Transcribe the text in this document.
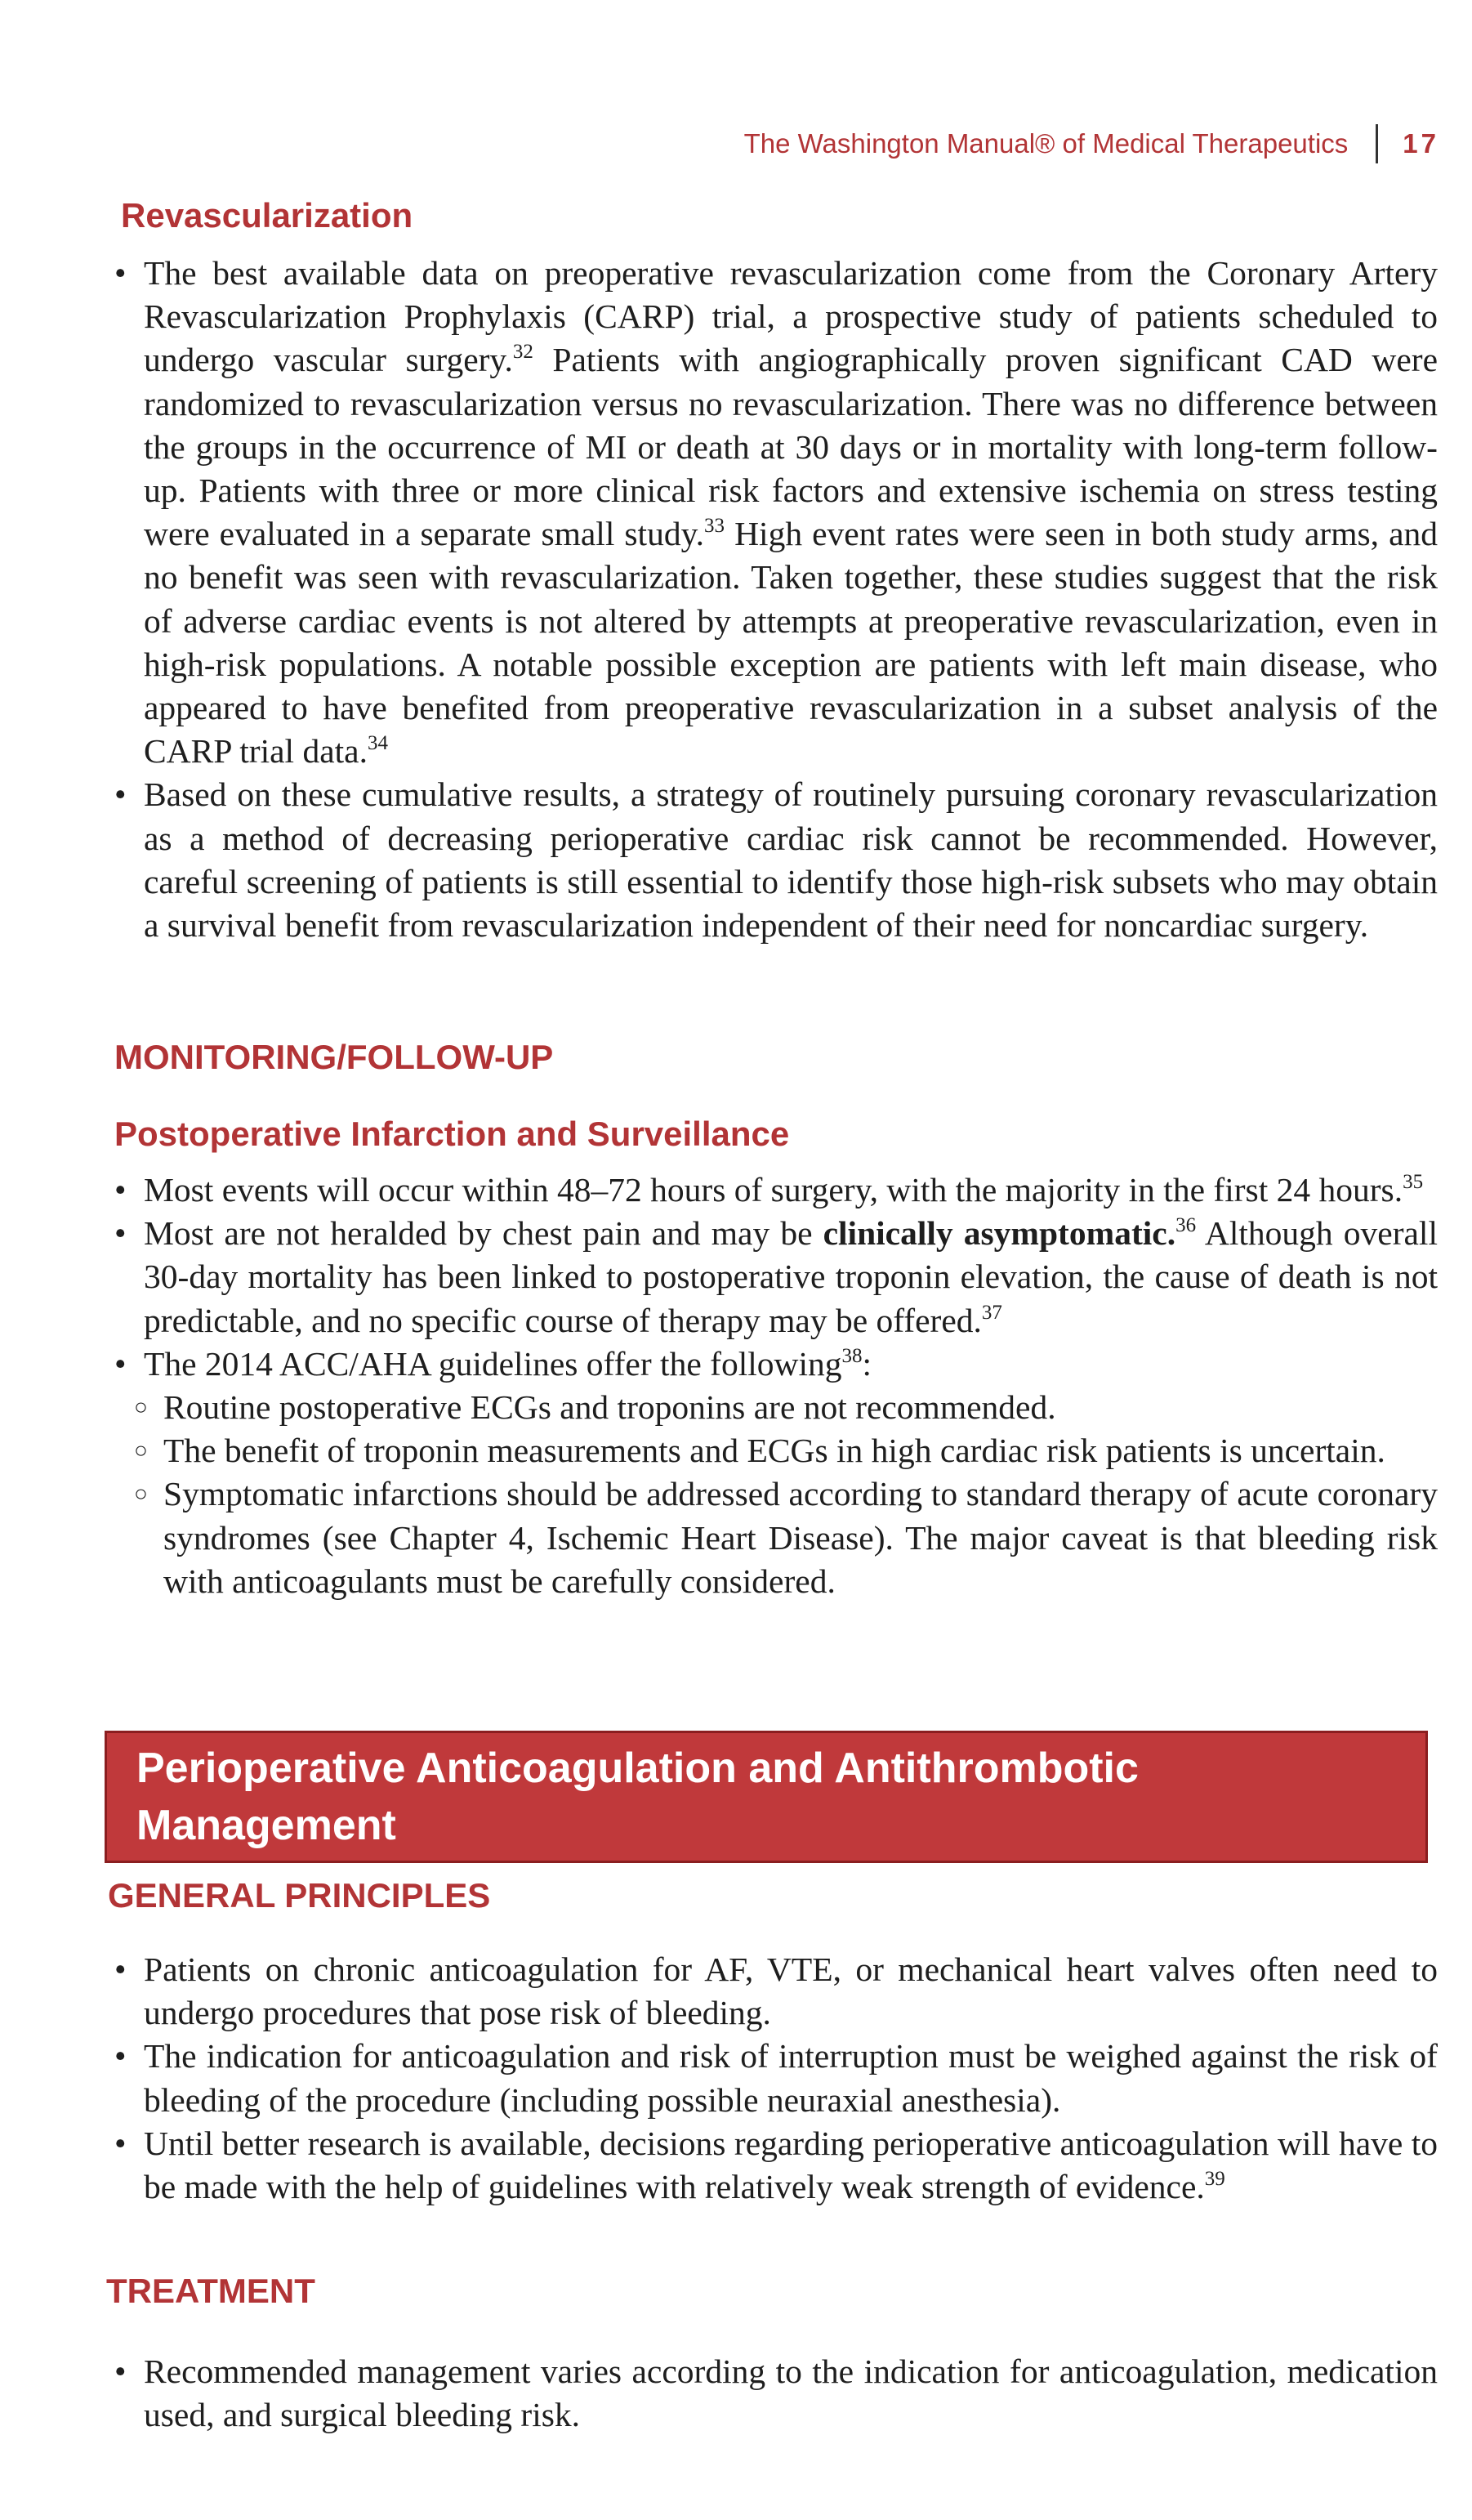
The Washington Manual® of Medical Therapeutics 17
Revascularization

• The best available data on preoperative revascularization come from the Coronary Artery Revascularization Prophylaxis (CARP) trial, a prospective study of patients scheduled to undergo vascular surgery.$^{32}$ Patients with angiographically proven significant CAD were randomized to revascularization versus no revascularization. There was no difference between the groups in the occurrence of MI or death at 30 days or in mortality with long-term follow-up. Patients with three or more clinical risk factors and extensive ischemia on stress testing were evaluated in a separate small study.$^{33}$ High event rates were seen in both study arms, and no benefit was seen with revascularization. Taken together, these studies suggest that the risk of adverse cardiac events is not altered by attempts at preoperative revascularization, even in high-risk populations. A notable possible exception are patients with left main disease, who appeared to have benefited from preoperative revascularization in a subset analysis of the CARP trial data.$^{34}$

• Based on these cumulative results, a strategy of routinely pursuing coronary revascularization as a method of decreasing perioperative cardiac risk cannot be recommended. However, careful screening of patients is still essential to identify those high-risk subsets who may obtain a survival benefit from revascularization independent of their need for noncardiac surgery.

MONITORING/FOLLOW-UP
Postoperative Infarction and Surveillance

• Most events will occur within 48–72 hours of surgery, with the majority in the first 24 hours.$^{35}$

• Most are not heralded by chest pain and may be clinically asymptomatic.$^{36}$ Although overall 30-day mortality has been linked to postoperative troponin elevation, the cause of death is not predictable, and no specific course of therapy may be offered.$^{37}$

• The 2014 ACC/AHA guidelines offer the following$^{38}$:

○ Routine postoperative ECGs and troponins are not recommended.

○ The benefit of troponin measurements and ECGs in high cardiac risk patients is uncertain.

○ Symptomatic infarctions should be addressed according to standard therapy of acute coronary syndromes (see Chapter 4, Ischemic Heart Disease). The major caveat is that bleeding risk with anticoagulants must be carefully considered.

Perioperative Anticoagulation and Antithrombotic
Management
GENERAL PRINCIPLES

• Patients on chronic anticoagulation for AF, VTE, or mechanical heart valves often need to undergo procedures that pose risk of bleeding.

• The indication for anticoagulation and risk of interruption must be weighed against the risk of bleeding of the procedure (including possible neuraxial anesthesia).

• Until better research is available, decisions regarding perioperative anticoagulation will have to be made with the help of guidelines with relatively weak strength of evidence.$^{39}$

TREATMENT

• Recommended management varies according to the indication for anticoagulation, medication used, and surgical bleeding risk.
